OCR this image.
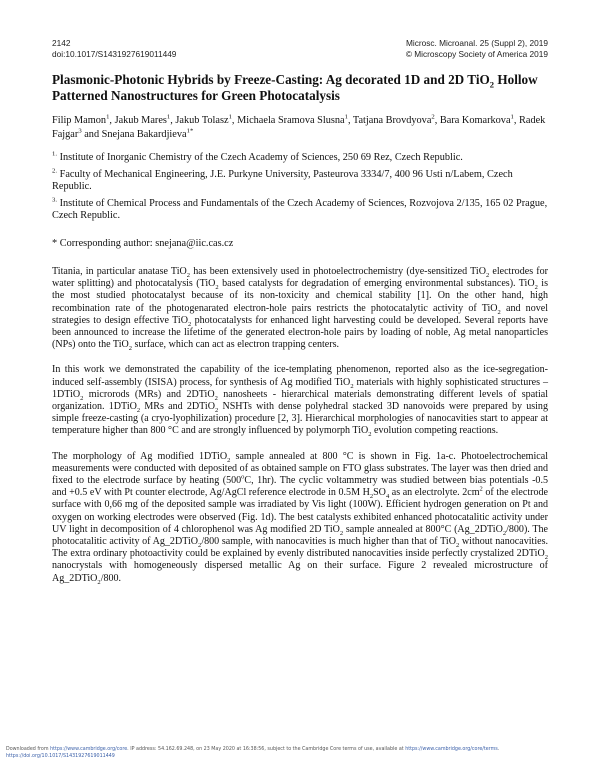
2142
doi:10.1017/S1431927619011449
Microsc. Microanal. 25 (Suppl 2), 2019
© Microscopy Society of America 2019
Plasmonic-Photonic Hybrids by Freeze-Casting: Ag decorated 1D and 2D TiO$_2$ Hollow Patterned Nanostructures for Green Photocatalysis
Filip Mamon$^1$, Jakub Mares$^1$, Jakub Tolasz$^1$, Michaela Sramova Slusna$^1$, Tatjana Brovdyova$^2$, Bara Komarkova$^1$, Radek Fajgar$^3$ and Snejana Bakardjieva$^{1*}$

$^{1.}$ Institute of Inorganic Chemistry of the Czech Academy of Sciences, 250 69 Rez, Czech Republic.

$^{2.}$ Faculty of Mechanical Engineering, J.E. Purkyne University, Pasteurova 3334/7, 400 96 Usti n/Labem, Czech Republic.

$^{3.}$ Institute of Chemical Process and Fundamentals of the Czech Academy of Sciences, Rozvojova 2/135, 165 02 Prague, Czech Republic.

* Corresponding author: snejana@iic.cas.cz

Titania, in particular anatase TiO$_2$ has been extensively used in photoelectrochemistry (dye-sensitized TiO$_2$ electrodes for water splitting) and photocatalysis (TiO$_2$ based catalysts for degradation of emerging environmental substances). TiO$_2$ is the most studied photocatalyst because of its non-toxicity and chemical stability [1]. On the other hand, high recombination rate of the photogenarated electron-hole pairs restricts the photocatalytic activity of TiO$_2$ and novel strategies to design effective TiO$_2$ photocatalysts for enhanced light harvesting could be developed. Several reports have been announced to increase the lifetime of the generated electron-hole pairs by loading of noble, Ag metal nanoparticles (NPs) onto the TiO$_2$ surface, which can act as electron trapping centers.

In this work we demonstrated the capability of the ice-templating phenomenon, reported also as the ice-segregation-induced self-assembly (ISISA) process, for synthesis of Ag modified TiO$_2$ materials with highly sophisticated structures – 1DTiO$_2$ microrods (MRs) and 2DTiO$_2$ nanosheets - hierarchical materials demonstrating different levels of spatial organization. 1DTiO$_2$ MRs and 2DTiO$_2$ NSHTs with dense polyhedral stacked 3D nanovoids were prepared by using simple freeze-casting (a cryo-lyophilization) procedure [2, 3]. Hierarchical morphologies of nanocavities start to appear at temperature higher than 800 °C and are strongly influenced by polymorph TiO$_2$ evolution competing reactions.

The morphology of Ag modified 1DTiO$_2$ sample annealed at 800 °C is shown in Fig. 1a-c. Photoelectrochemical measurements were conducted with deposited of as obtained sample on FTO glass substrates. The layer was then dried and fixed to the electrode surface by heating (500$^o$C, 1hr). The cyclic voltammetry was studied between bias potentials -0.5 and +0.5 eV with Pt counter electrode, Ag/AgCl reference electrode in 0.5M $H_2SO_4$ as an electrolyte. $2cm^2$ of the electrode surface with 0,66 mg of the deposited sample was irradiated by Vis light (100W). Efficient hydrogen generation on Pt and oxygen on working electrodes were observed (Fig. 1d). The best catalysts exhibited enhanced photocatalitic activity under UV light in decomposition of 4 chlorophenol was Ag modified 2D TiO$_2$ sample annealed at 800°C (Ag_2DTiO$_2$/800). The photocatalitic activity of Ag_2DTiO$_2$/800 sample, with nanocavities is much higher than that of TiO$_2$ without nanocavities. The extra ordinary photoactivity could be explained by evenly distributed nanocavities inside perfectly crystalized 2DTiO$_2$ nanocrystals with homogeneously dispersed metallic Ag on their surface. Figure 2 revealed microstructure of Ag_2DTiO$_2$/800.

Downloaded from https://www.cambridge.org/core. IP address: 54.162.69.248, on 23 May 2020 at 16:38:56, subject to the Cambridge Core terms of use, available at https://www.cambridge.org/core/terms.
https://doi.org/10.1017/S1431927619011449
